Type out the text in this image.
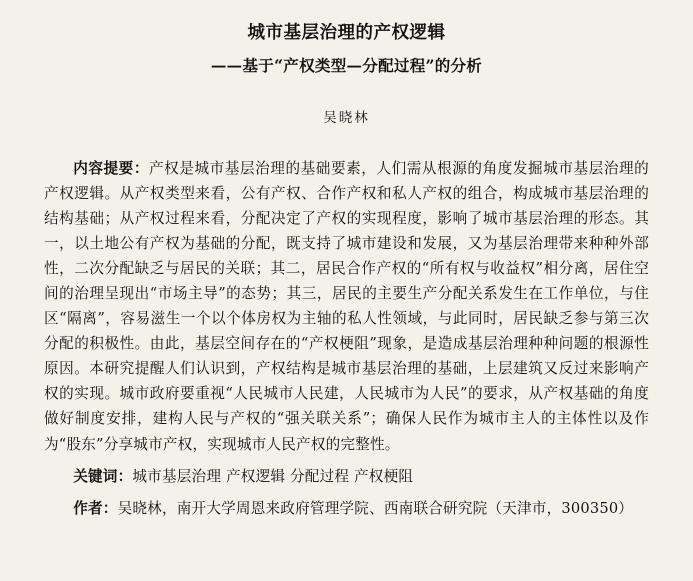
城市基层治理的产权逻辑
——基于“产权类型—分配过程”的分析
吴晓林
内容提要：产权是城市基层治理的基础要素，人们需从根源的角度发掘城市基层治理的产权逻辑。从产权类型来看，公有产权、合作产权和私人产权的组合，构成城市基层治理的结构基础；从产权过程来看，分配决定了产权的实现程度，影响了城市基层治理的形态。其一，以土地公有产权为基础的分配，既支持了城市建设和发展，又为基层治理带来种种外部性，二次分配缺乏与居民的关联；其二，居民合作产权的“所有权与收益权”相分离，居住空间的治理呈现出“市场主导”的态势；其三，居民的主要生产分配关系发生在工作单位，与住区“隔离”，容易滋生一个以个体房权为主轴的私人性领域，与此同时，居民缺乏参与第三次分配的积极性。由此，基层空间存在的“产权梗阻”现象，是造成基层治理种种问题的根源性原因。本研究提醒人们认识到，产权结构是城市基层治理的基础，上层建筑又反过来影响产权的实现。城市政府要重视“人民城市人民建，人民城市为人民”的要求，从产权基础的角度做好制度安排，建构人民与产权的“强关联关系”；确保人民作为城市主人的主体性以及作为“股东”分享城市产权，实现城市人民产权的完整性。
关键词：城市基层治理 产权逻辑 分配过程 产权梗阻
作者：吴晓林，南开大学周恩来政府管理学院、西南联合研究院（天津市，300350）
